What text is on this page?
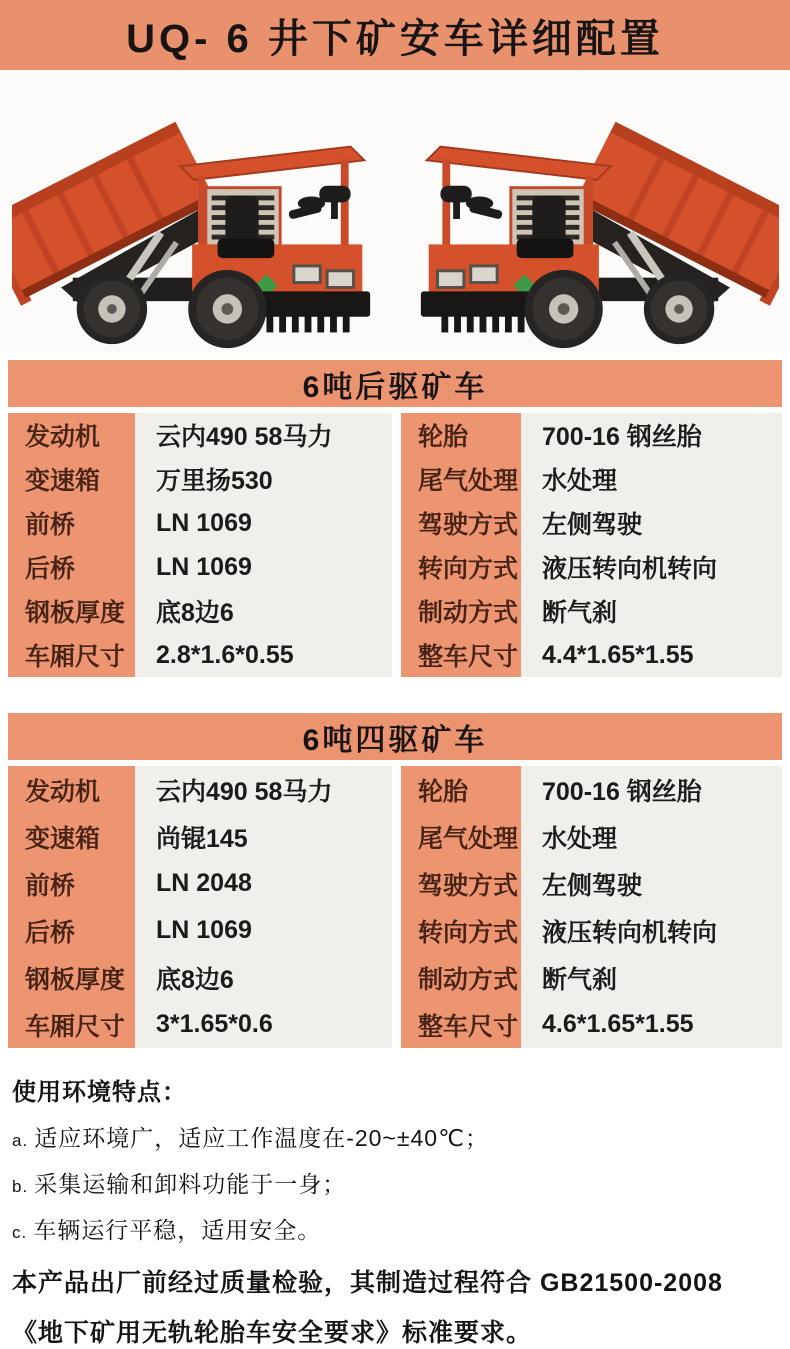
UQ- 6 井下矿安车详细配置
6吨后驱矿车
发动机	云内490 58马力	轮胎	700-16 钢丝胎
变速箱	万里扬530	尾气处理 水处理
前桥	LN 1069	驾驶方式 左侧驾驶
后桥	LN 1069	转向方式 液压转向机转向
钢板厚度	底8边6	制动方式 断气刹
车厢尺寸	2.8*1.6*0.55	整车尺寸 4.4*1.65*1.55
6吨四驱矿车
发动机	云内490 58马力	轮胎	700-16 钢丝胎
变速箱	尚锟145	尾气处理 水处理
前桥	LN 2048	驾驶方式 左侧驾驶
后桥	LN 1069	转向方式 液压转向机转向
钢板厚度	底8边6	制动方式 断气刹
车厢尺寸	3*1.65*0.6	整车尺寸 4.6*1.65*1.55
使用环境特点：
a. 适应环境广，适应工作温度在-20~±40℃；
b. 采集运输和卸料功能于一身；
c. 车辆运行平稳，适用安全。
本产品出厂前经过质量检验，其制造过程符合 GB21500-2008
《地下矿用无轨轮胎车安全要求》标准要求。
